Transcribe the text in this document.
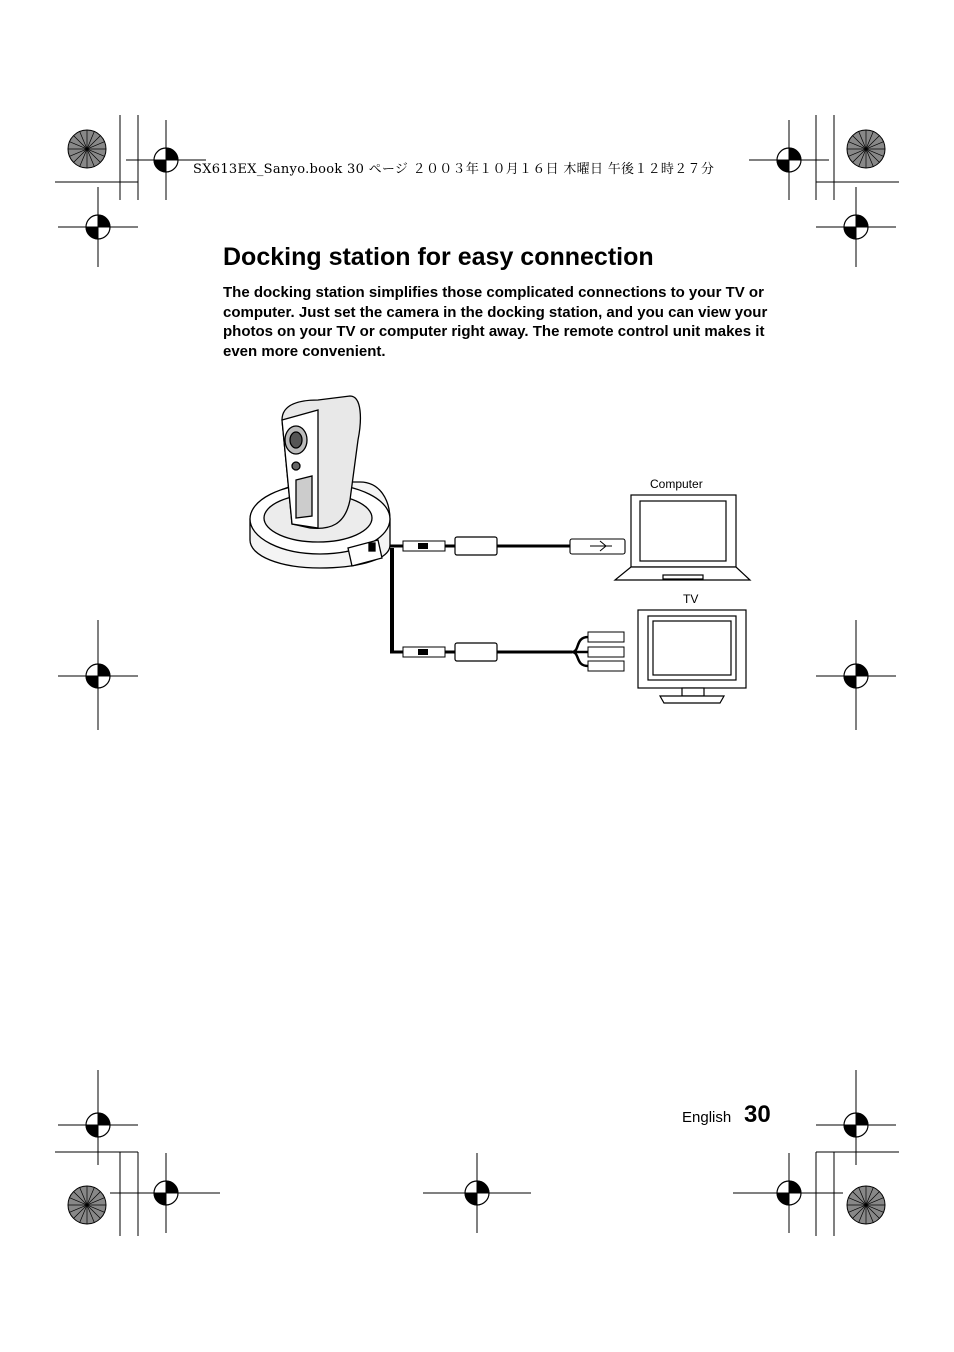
SX613EX_Sanyo.book 30 ページ ２００３年１０月１６日 木曜日 午後１２時２７分
Docking station for easy connection

The docking station simplifies those complicated connections to your TV or computer. Just set the camera in the docking station, and you can view your photos on your TV or computer right away. The remote control unit makes it even more convenient.

Computer
TV
English 30
